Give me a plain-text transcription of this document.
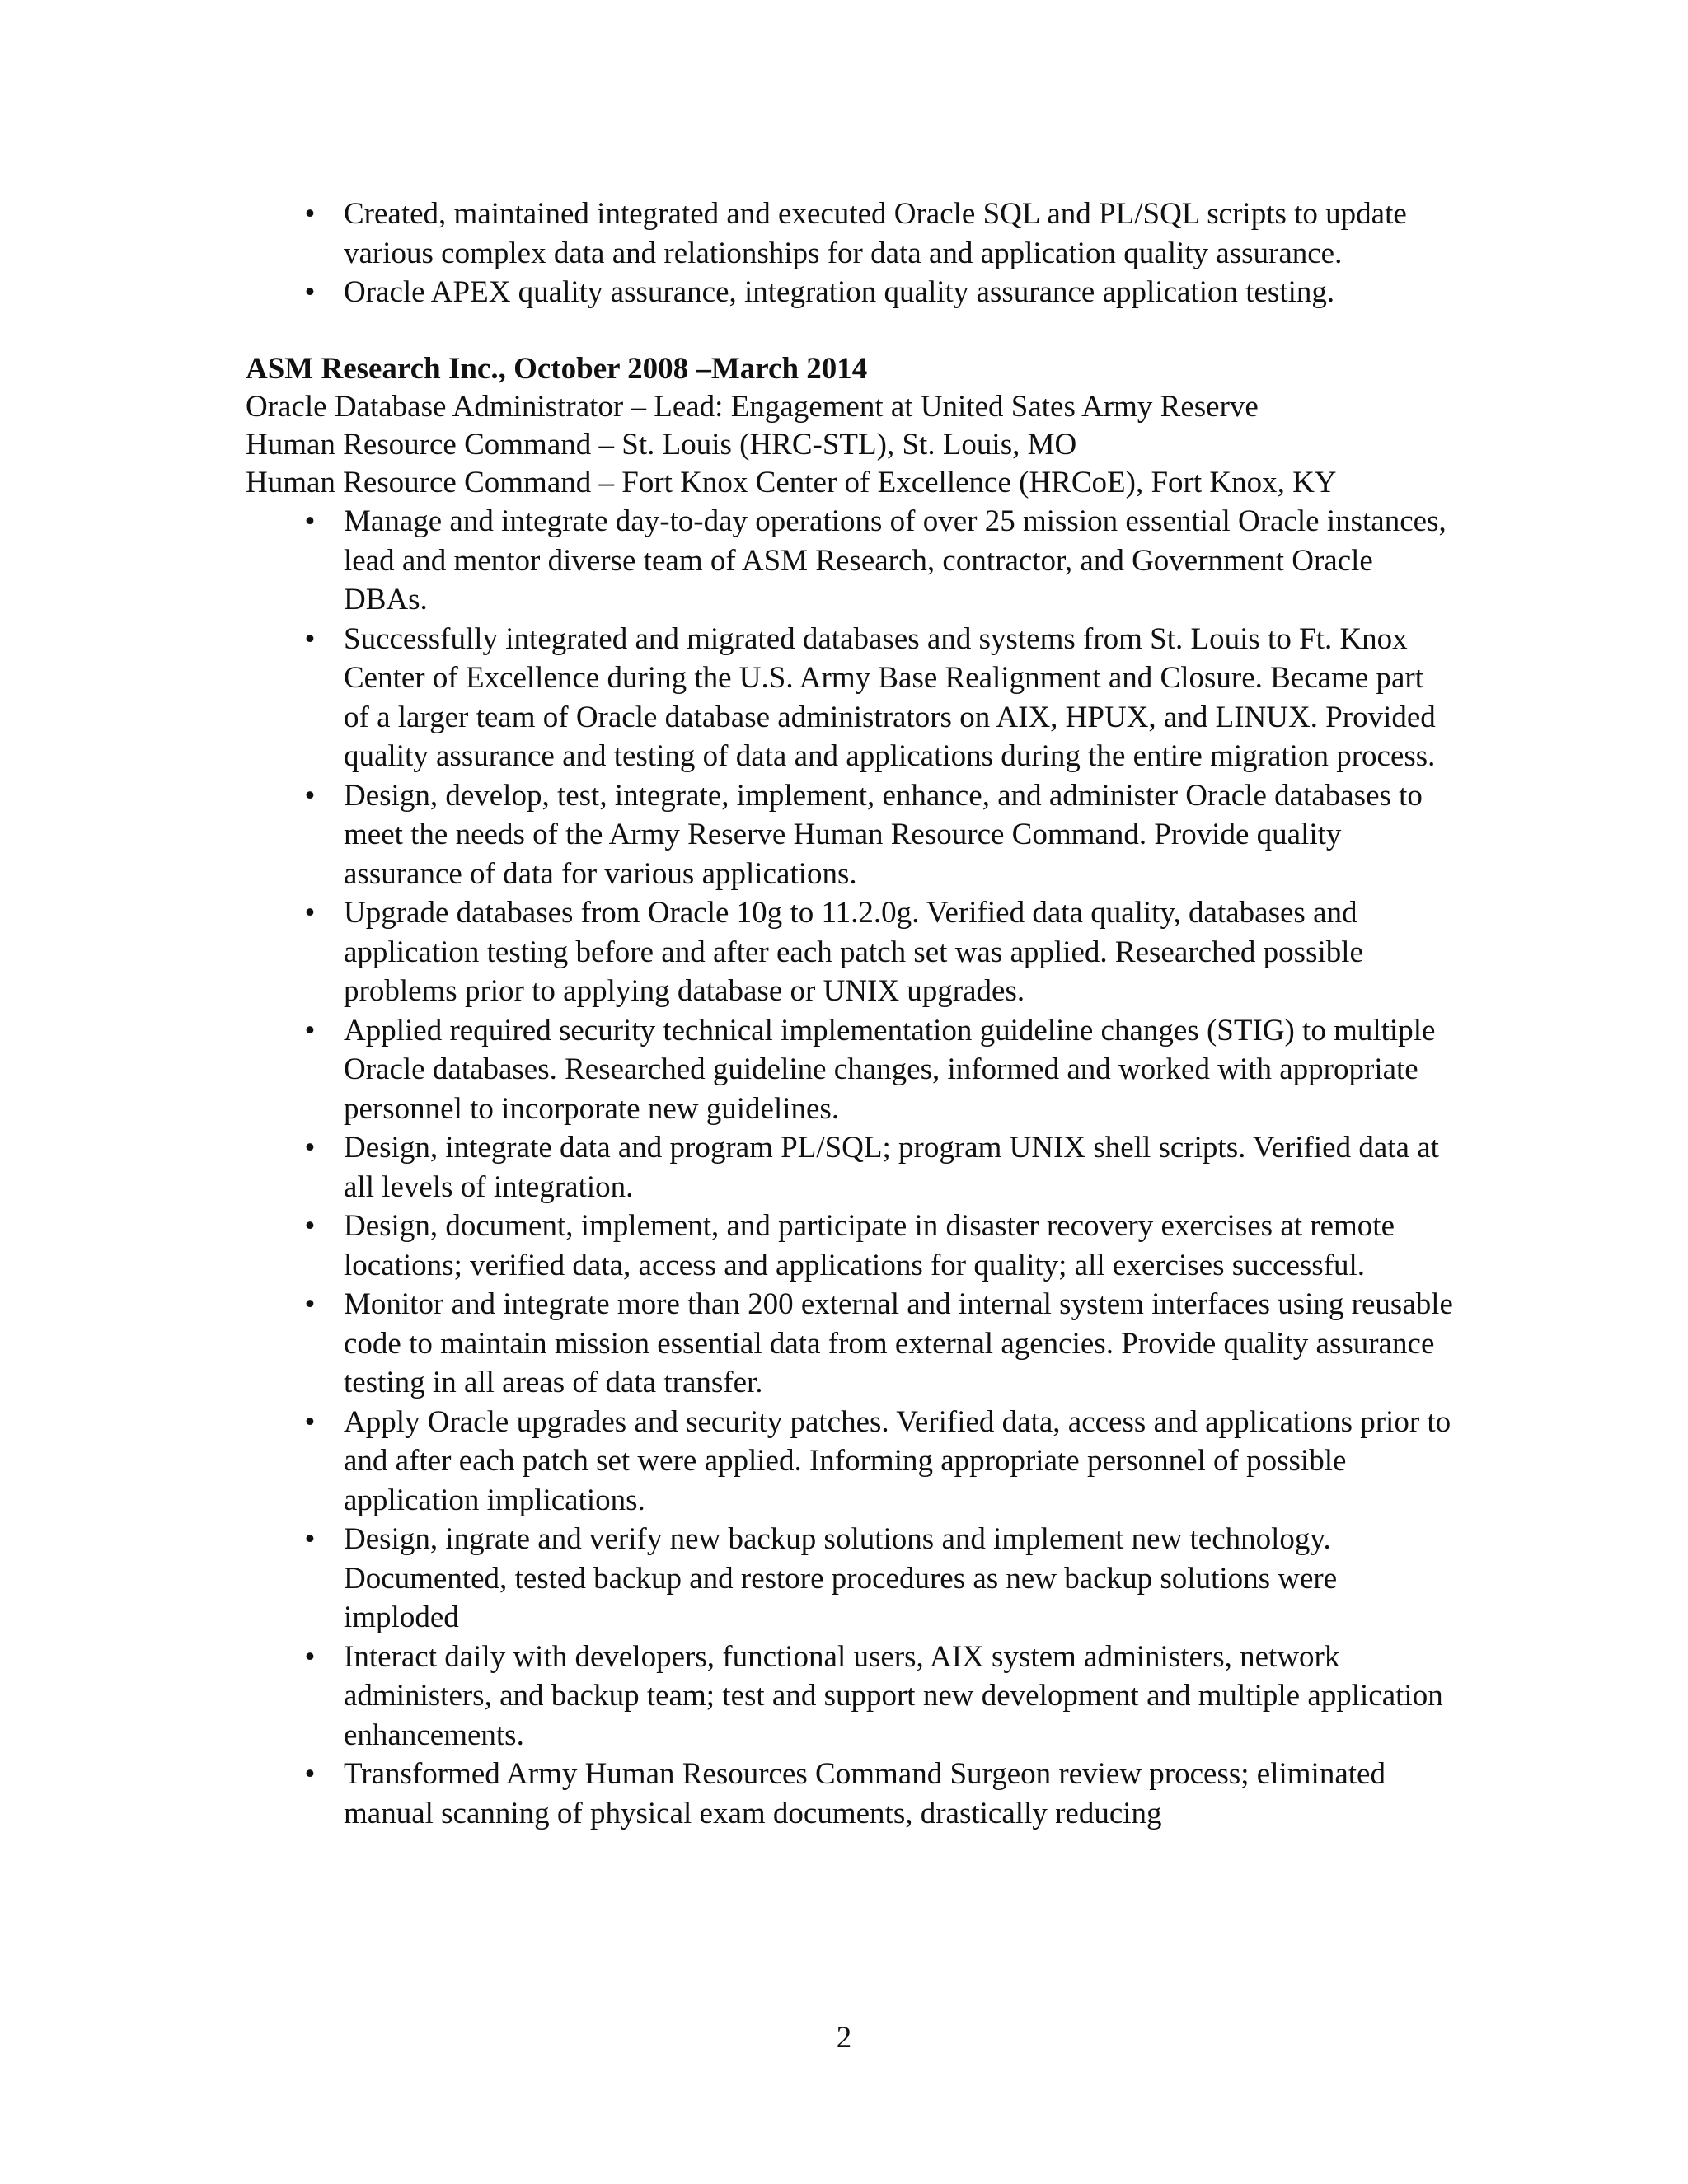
• Created, maintained integrated and executed Oracle SQL and PL/SQL scripts to update various complex data and relationships for data and application quality assurance.
• Oracle APEX quality assurance, integration quality assurance application testing.

ASM Research Inc., October 2008 –March 2014

Oracle Database Administrator – Lead: Engagement at United Sates Army Reserve

Human Resource Command – St. Louis (HRC-STL), St. Louis, MO

Human Resource Command – Fort Knox Center of Excellence (HRCoE), Fort Knox, KY

• Manage and integrate day-to-day operations of over 25 mission essential Oracle instances, lead and mentor diverse team of ASM Research, contractor, and Government Oracle DBAs.
• Successfully integrated and migrated databases and systems from St. Louis to Ft. Knox Center of Excellence during the U.S. Army Base Realignment and Closure. Became part of a larger team of Oracle database administrators on AIX, HPUX, and LINUX. Provided quality assurance and testing of data and applications during the entire migration process.
• Design, develop, test, integrate, implement, enhance, and administer Oracle databases to meet the needs of the Army Reserve Human Resource Command. Provide quality assurance of data for various applications.
• Upgrade databases from Oracle 10g to 11.2.0g. Verified data quality, databases and application testing before and after each patch set was applied. Researched possible problems prior to applying database or UNIX upgrades.
• Applied required security technical implementation guideline changes (STIG) to multiple Oracle databases. Researched guideline changes, informed and worked with appropriate personnel to incorporate new guidelines.
• Design, integrate data and program PL/SQL; program UNIX shell scripts. Verified data at all levels of integration.
• Design, document, implement, and participate in disaster recovery exercises at remote locations; verified data, access and applications for quality; all exercises successful.
• Monitor and integrate more than 200 external and internal system interfaces using reusable code to maintain mission essential data from external agencies. Provide quality assurance testing in all areas of data transfer.
• Apply Oracle upgrades and security patches. Verified data, access and applications prior to and after each patch set were applied. Informing appropriate personnel of possible application implications.
• Design, ingrate and verify new backup solutions and implement new technology. Documented, tested backup and restore procedures as new backup solutions were imploded
• Interact daily with developers, functional users, AIX system administers, network administers, and backup team; test and support new development and multiple application enhancements.
• Transformed Army Human Resources Command Surgeon review process; eliminated manual scanning of physical exam documents, drastically reducing
2
